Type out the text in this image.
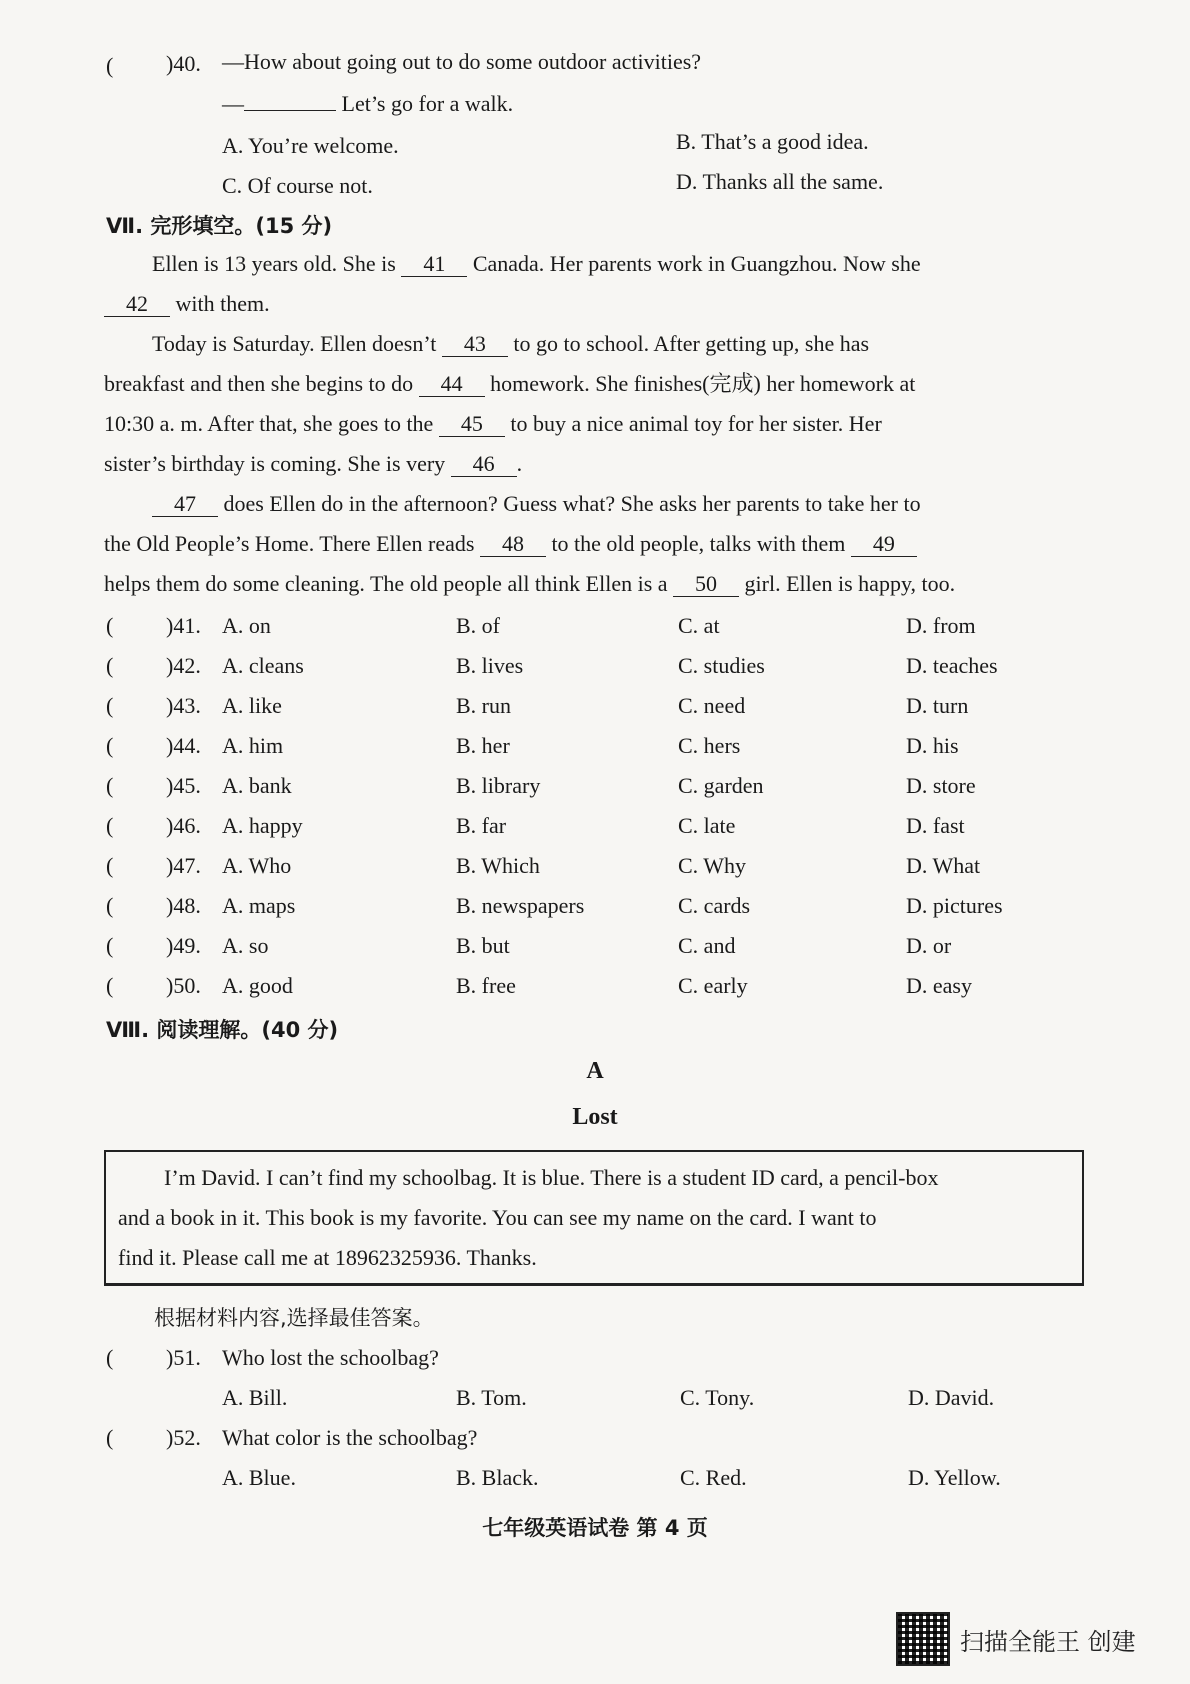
( )40. —How about going out to do some outdoor activities?
—	Let’s go for a walk.
A. You’re welcome.	B. That’s a good idea.
C. Of course not.	D. Thanks all the same.
Ⅶ. 完形填空。(15 分)
Ellen is 13 years old. She is 41 Canada. Her parents work in Guangzhou. Now she
42 with them.
Today is Saturday. Ellen doesn’t 43 to go to school. After getting up, she has
breakfast and then she begins to do 44 homework. She finishes(完成) her homework at
10:30 a. m. After that, she goes to the 45 to buy a nice animal toy for her sister. Her
sister’s birthday is coming. She is very 46 .
47 does Ellen do in the afternoon? Guess what? She asks her parents to take her to
the Old People’s Home. There Ellen reads 48 to the old people, talks with them 49
helps them do some cleaning. The old people all think Ellen is a 50 girl. Ellen is happy, too.
( )41. A. on	B. of	C. at	D. from
( )42. A. cleans	B. lives	C. studies	D. teaches
( )43. A. like	B. run	C. need	D. turn
( )44. A. him	B. her	C. hers	D. his
( )45. A. bank	B. library	C. garden	D. store
( )46. A. happy	B. far	C. late	D. fast
( )47. A. Who	B. Which	C. Why	D. What
( )48. A. maps	B. newspapers	C. cards	D. pictures
( )49. A. so	B. but	C. and	D. or
( )50. A. good	B. free	C. early	D. easy
Ⅷ. 阅读理解。(40 分)
A
Lost
I’m David. I can’t find my schoolbag. It is blue. There is a student ID card, a pencil-box
and a book in it. This book is my favorite. You can see my name on the card. I want to
find it. Please call me at 18962325936. Thanks.
根据材料内容,选择最佳答案。
( )51. Who lost the schoolbag?
A. Bill.	B. Tom.	C. Tony.	D. David.
( )52. What color is the schoolbag?
A. Blue.	B. Black.	C. Red.	D. Yellow.
七年级英语试卷 第 4 页
扫描全能王 创建
